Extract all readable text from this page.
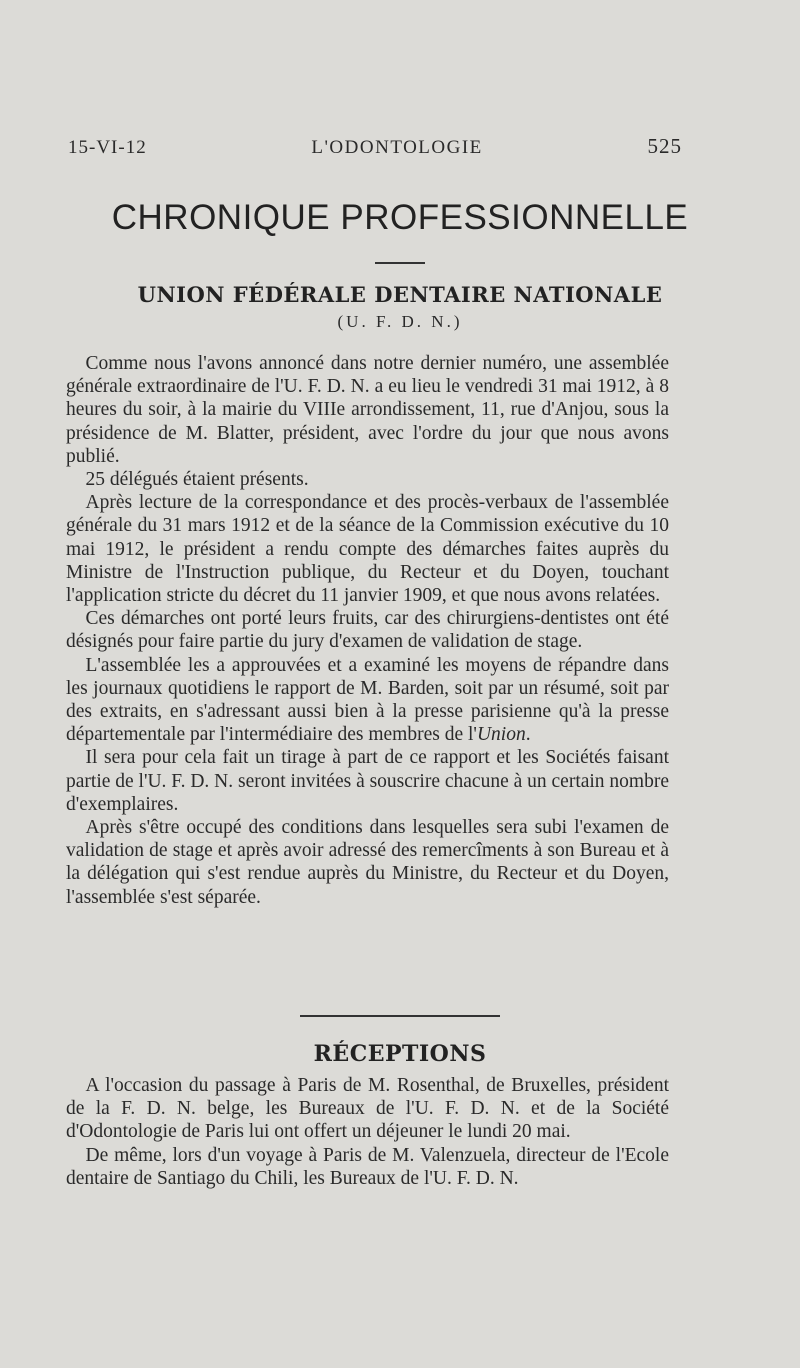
15-VI-12	L'ODONTOLOGIE	525
CHRONIQUE PROFESSIONNELLE
UNION FÉDÉRALE DENTAIRE NATIONALE
(U. F. D. N.)

  Comme nous l'avons annoncé dans notre dernier numéro, une assemblée générale extraordinaire de l'U. F. D. N. a eu lieu le vendredi 31 mai 1912, à 8 heures du soir, à la mairie du VIIIe arrondissement, 11, rue d'Anjou, sous la présidence de M. Blatter, président, avec l'ordre du jour que nous avons publié.

  25 délégués étaient présents.

  Après lecture de la correspondance et des procès-verbaux de l'assemblée générale du 31 mars 1912 et de la séance de la Commission exécutive du 10 mai 1912, le président a rendu compte des démarches faites auprès du Ministre de l'Instruction publique, du Recteur et du Doyen, touchant l'application stricte du décret du 11 janvier 1909, et que nous avons relatées.

  Ces démarches ont porté leurs fruits, car des chirurgiens-dentistes ont été désignés pour faire partie du jury d'examen de validation de stage.

  L'assemblée les a approuvées et a examiné les moyens de répandre dans les journaux quotidiens le rapport de M. Barden, soit par un résumé, soit par des extraits, en s'adressant aussi bien à la presse parisienne qu'à la presse départementale par l'intermédiaire des membres de l'Union.

  Il sera pour cela fait un tirage à part de ce rapport et les Sociétés faisant partie de l'U. F. D. N. seront invitées à souscrire chacune à un certain nombre d'exemplaires.

  Après s'être occupé des conditions dans lesquelles sera subi l'examen de validation de stage et après avoir adressé des remercîments à son Bureau et à la délégation qui s'est rendue auprès du Ministre, du Recteur et du Doyen, l'assemblée s'est séparée.

RÉCEPTIONS

  A l'occasion du passage à Paris de M. Rosenthal, de Bruxelles, président de la F. D. N. belge, les Bureaux de l'U. F. D. N. et de la Société d'Odontologie de Paris lui ont offert un déjeuner le lundi 20 mai.

  De même, lors d'un voyage à Paris de M. Valenzuela, directeur de l'Ecole dentaire de Santiago du Chili, les Bureaux de l'U. F. D. N.
